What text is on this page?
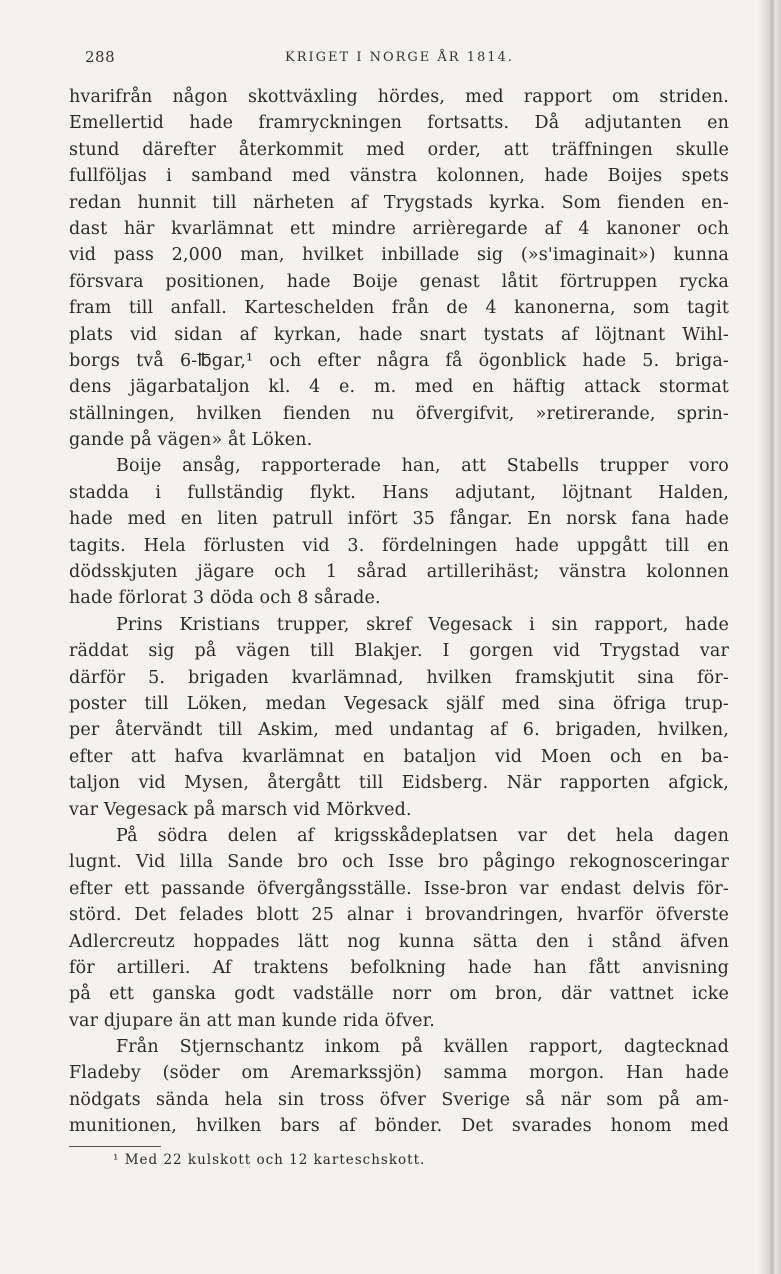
288	KRIGET I NORGE ÅR 1814.
hvarifrån någon skottväxling hördes, med rapport om striden.
Emellertid hade framryckningen fortsatts. Då adjutanten en
stund därefter återkommit med order, att träffningen skulle
fullföljas i samband med vänstra kolonnen, hade Boijes spets
redan hunnit till närheten af Trygstads kyrka. Som fienden en-
dast här kvarlämnat ett mindre arrièregarde af 4 kanoner och
vid pass 2,000 man, hvilket inbillade sig (»s'imaginait») kunna
försvara positionen, hade Boije genast låtit förtruppen rycka
fram till anfall. Karteschelden från de 4 kanonerna, som tagit
plats vid sidan af kyrkan, hade snart tystats af löjtnant Wihl-
borgs två 6-℔gar,¹ och efter några få ögonblick hade 5. briga-
dens jägarbataljon kl. 4 e. m. med en häftig attack stormat
ställningen, hvilken fienden nu öfvergifvit, »retirerande, sprin-
gande på vägen» åt Löken.
Boije ansåg, rapporterade han, att Stabells trupper voro
stadda i fullständig flykt. Hans adjutant, löjtnant Halden,
hade med en liten patrull infört 35 fångar. En norsk fana hade
tagits. Hela förlusten vid 3. fördelningen hade uppgått till en
dödsskjuten jägare och 1 sårad artillerihäst; vänstra kolonnen
hade förlorat 3 döda och 8 sårade.
Prins Kristians trupper, skref Vegesack i sin rapport, hade
räddat sig på vägen till Blakjer. I gorgen vid Trygstad var
därför 5. brigaden kvarlämnad, hvilken framskjutit sina för-
poster till Löken, medan Vegesack själf med sina öfriga trup-
per återvändt till Askim, med undantag af 6. brigaden, hvilken,
efter att hafva kvarlämnat en bataljon vid Moen och en ba-
taljon vid Mysen, återgått till Eidsberg. När rapporten afgick,
var Vegesack på marsch vid Mörkved.
På södra delen af krigsskådeplatsen var det hela dagen
lugnt. Vid lilla Sande bro och Isse bro pågingo rekognosceringar
efter ett passande öfvergångsställe. Isse-bron var endast delvis för-
störd. Det felades blott 25 alnar i brovandringen, hvarför öfverste
Adlercreutz hoppades lätt nog kunna sätta den i stånd äfven
för artilleri. Af traktens befolkning hade han fått anvisning
på ett ganska godt vadställe norr om bron, där vattnet icke
var djupare än att man kunde rida öfver.
Från Stjernschantz inkom på kvällen rapport, dagtecknad
Fladeby (söder om Aremarkssjön) samma morgon. Han hade
nödgats sända hela sin tross öfver Sverige så när som på am-
munitionen, hvilken bars af bönder. Det svarades honom med
¹ Med 22 kulskott och 12 karteschskott.
